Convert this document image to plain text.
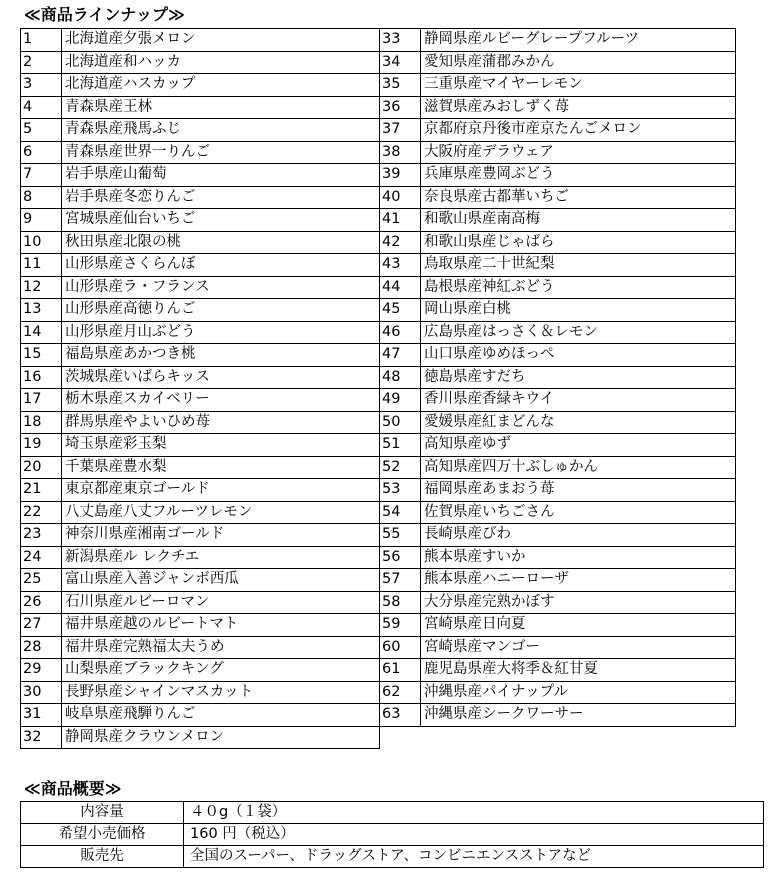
≪商品ラインナップ≫
1	北海道産夕張メロン
2	北海道産和ハッカ
3	北海道産ハスカップ
4	青森県産王林
5	青森県産飛馬ふじ
6	青森県産世界一りんご
7	岩手県産山葡萄
8	岩手県産冬恋りんご
9	宮城県産仙台いちご
10	秋田県産北限の桃
11	山形県産さくらんぼ
12	山形県産ラ・フランス
13	山形県産高徳りんご
14	山形県産月山ぶどう
15	福島県産あかつき桃
16	茨城県産いばらキッス
17	栃木県産スカイベリー
18	群馬県産やよいひめ苺
19	埼玉県産彩玉梨
20	千葉県産豊水梨
21	東京都産東京ゴールド
22	八丈島産八丈フルーツレモン
23	神奈川県産湘南ゴールド
24	新潟県産ル レクチエ
25	富山県産入善ジャンボ西瓜
26	石川県産ルビーロマン
27	福井県産越のルビートマト
28	福井県産完熟福太夫うめ
29	山梨県産ブラックキング
30	長野県産シャインマスカット
31	岐阜県産飛騨りんご
32	静岡県産クラウンメロン
33	静岡県産ルビーグレープフルーツ
34	愛知県産蒲郡みかん
35	三重県産マイヤーレモン
36	滋賀県産みおしずく苺
37	京都府京丹後市産京たんごメロン
38	大阪府産デラウェア
39	兵庫県産豊岡ぶどう
40	奈良県産古都華いちご
41	和歌山県産南高梅
42	和歌山県産じゃばら
43	鳥取県産二十世紀梨
44	島根県産神紅ぶどう
45	岡山県産白桃
46	広島県産はっさく＆レモン
47	山口県産ゆめほっぺ
48	徳島県産すだち
49	香川県産香緑キウイ
50	愛媛県産紅まどんな
51	高知県産ゆず
52	高知県産四万十ぶしゅかん
53	福岡県産あまおう苺
54	佐賀県産いちごさん
55	長崎県産びわ
56	熊本県産すいか
57	熊本県産ハニーローザ
58	大分県産完熟かぼす
59	宮崎県産日向夏
60	宮崎県産マンゴー
61	鹿児島県産大将季＆紅甘夏
62	沖縄県産パイナップル
63	沖縄県産シークワーサー
≪商品概要≫
内容量	４０g（１袋）
希望小売価格	160 円（税込）
販売先	全国のスーパー、ドラッグストア、コンビニエンスストアなど
